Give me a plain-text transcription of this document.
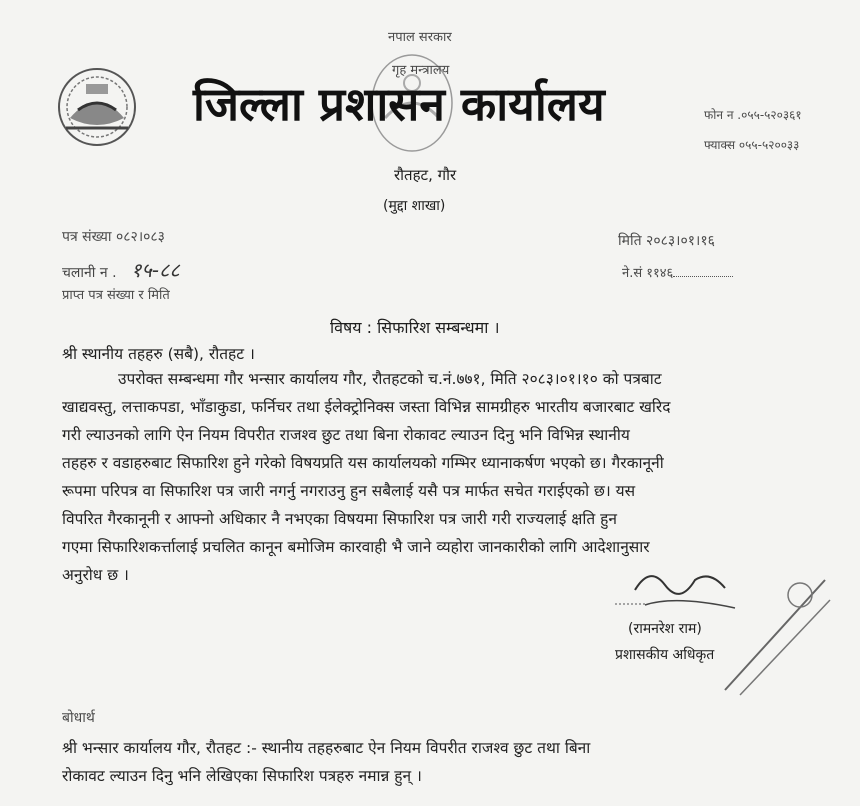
नपाल सरकार
गृह मन्त्रालय
जिल्ला प्रशासन कार्यालय
रौतहट, गौर
(मुद्दा शाखा)
फोन न .०५५-५२०३६१
फ्याक्स ०५५-५२००३३
पत्र संख्या ०८२।०८३
चलानी न . १५-८८
प्राप्त पत्र संख्या र मिति
मिति २०८३।०१।१६
ने.सं ११४६
विषय : सिफारिश सम्बन्धमा ।
श्री स्थानीय तहहरु (सबै), रौतहट ।
उपरोक्त सम्बन्धमा गौर भन्सार कार्यालय गौर, रौतहटको च.नं.७७१, मिति २०८३।०१।१० को पत्रबाट
खाद्यवस्तु, लत्ताकपडा, भाँडाकुडा, फर्निचर तथा ईलेक्ट्रोनिक्स जस्ता विभिन्न सामग्रीहरु भारतीय बजारबाट खरिद
गरी ल्याउनको लागि ऐन नियम विपरीत राजश्व छुट तथा बिना रोकावट ल्याउन दिनु भनि विभिन्न स्थानीय
तहहरु र वडाहरुबाट सिफारिश हुने गरेको विषयप्रति यस कार्यालयको गम्भिर ध्यानाकर्षण भएको छ। गैरकानूनी
रूपमा परिपत्र वा सिफारिश पत्र जारी नगर्नु नगराउनु हुन सबैलाई यसै पत्र मार्फत सचेत गराईएको छ। यस
विपरित गैरकानूनी र आफ्नो अधिकार नै नभएका विषयमा सिफारिश पत्र जारी गरी राज्यलाई क्षति हुन
गएमा सिफारिशकर्त्तालाई प्रचलित कानून बमोजिम कारवाही भै जाने व्यहोरा जानकारीको लागि आदेशानुसार
अनुरोध छ ।
(रामनरेश राम)
प्रशासकीय अधिकृत
बोधार्थ
श्री भन्सार कार्यालय गौर, रौतहट :- स्थानीय तहहरुबाट ऐन नियम विपरीत राजश्व छुट तथा बिना
रोकावट ल्याउन दिनु भनि लेखिएका सिफारिश पत्रहरु नमान्न हुन् ।
